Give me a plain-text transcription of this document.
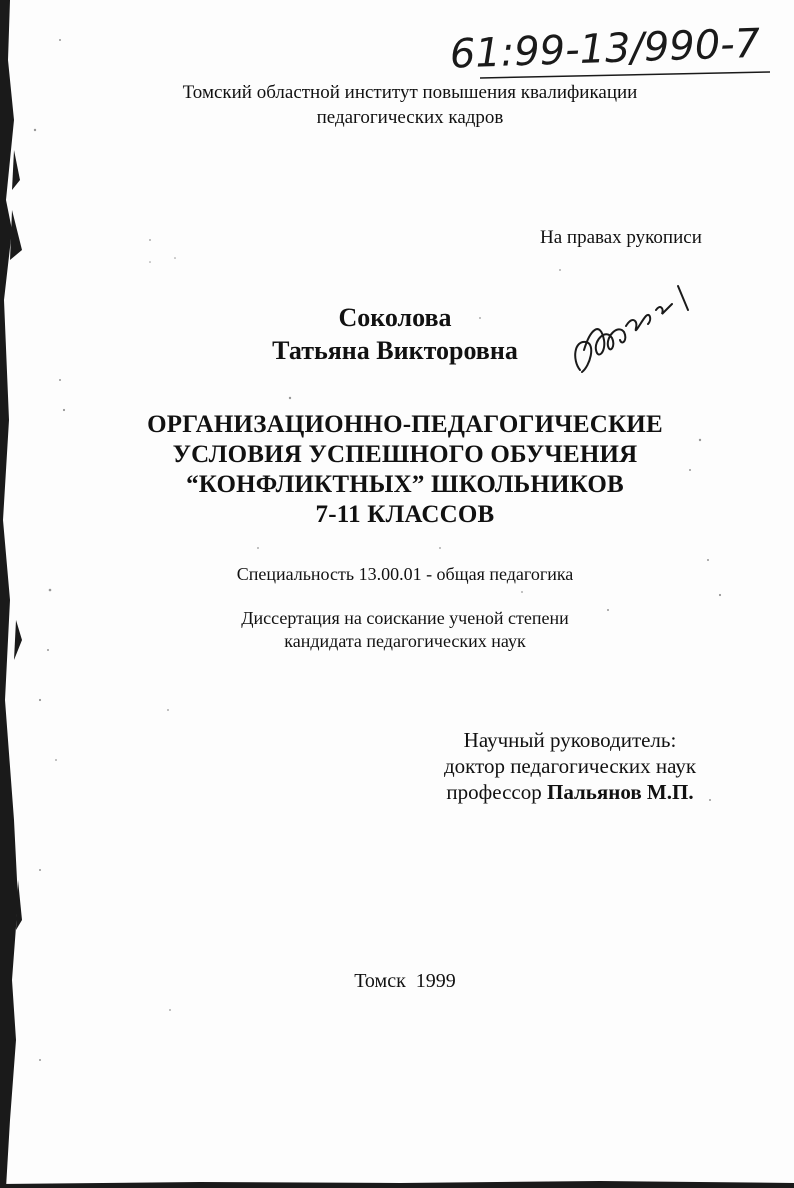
61:99-13/990-7
Томский областной институт повышения квалификации
педагогических кадров
На правах рукописи
Соколова
Татьяна Викторовна
ОРГАНИЗАЦИОННО-ПЕДАГОГИЧЕСКИЕ
УСЛОВИЯ УСПЕШНОГО ОБУЧЕНИЯ
“КОНФЛИКТНЫХ” ШКОЛЬНИКОВ
7-11 КЛАССОВ
Специальность 13.00.01 - общая педагогика
Диссертация на соискание ученой степени
кандидата педагогических наук
Научный руководитель:
доктор педагогических наук
профессор Пальянов М.П.
Томск 1999
